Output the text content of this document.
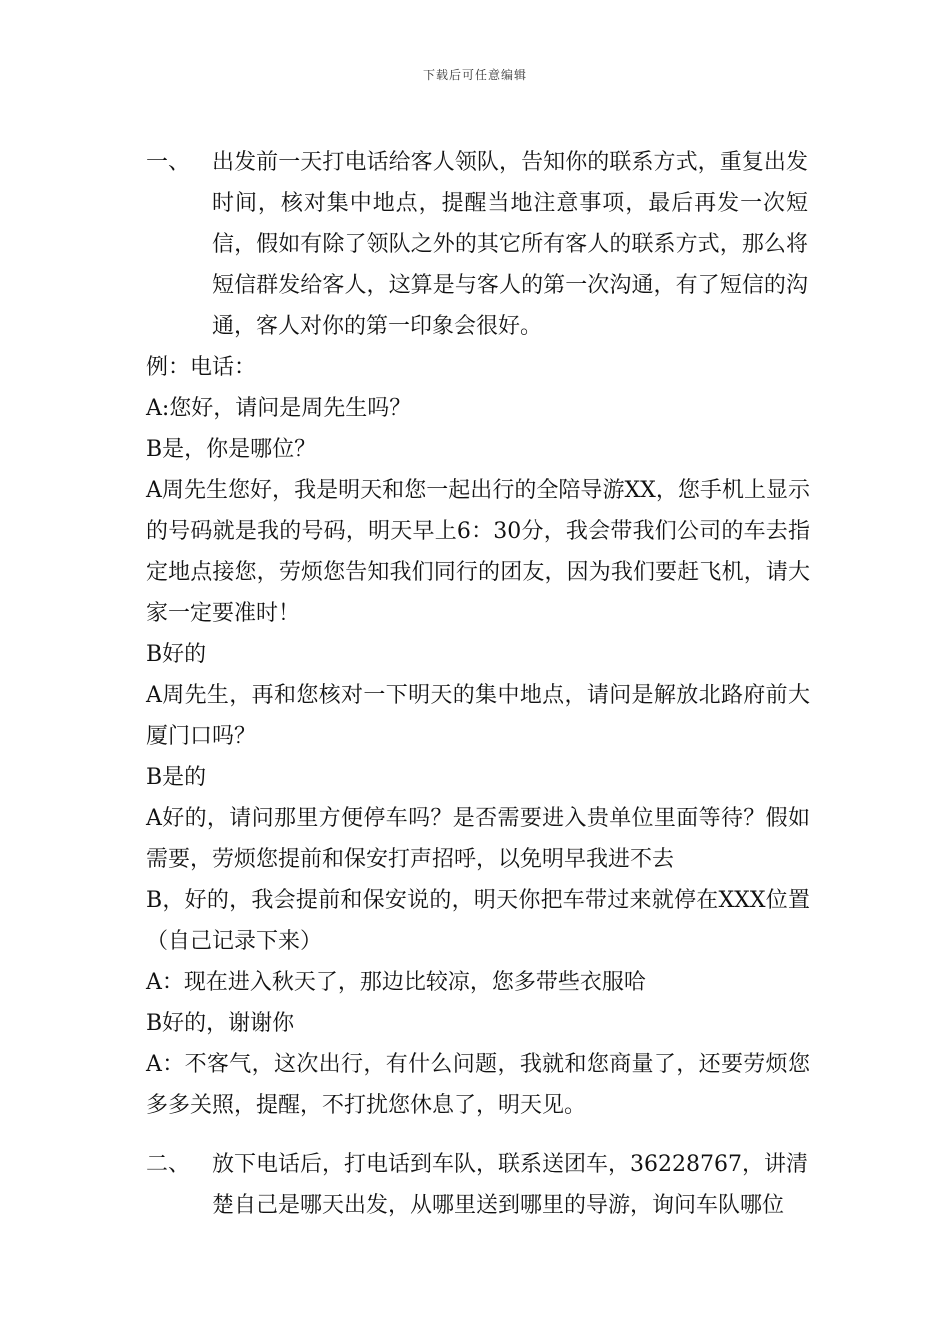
下载后可任意编辑
一、 出发前一天打电话给客人领队，告知你的联系方式，重复出发时间，核对集中地点，提醒当地注意事项，最后再发一次短信，假如有除了领队之外的其它所有客人的联系方式，那么将短信群发给客人，这算是与客人的第一次沟通，有了短信的沟通，客人对你的第一印象会很好。
例：电话：
A:您好，请问是周先生吗？
B是，你是哪位？
A周先生您好，我是明天和您一起出行的全陪导游XX，您手机上显示的号码就是我的号码，明天早上6：30分，我会带我们公司的车去指定地点接您，劳烦您告知我们同行的团友，因为我们要赶飞机，请大家一定要准时！
B好的
A周先生，再和您核对一下明天的集中地点，请问是解放北路府前大厦门口吗？
B是的
A好的，请问那里方便停车吗？是否需要进入贵单位里面等待？假如需要，劳烦您提前和保安打声招呼，以免明早我进不去
B，好的，我会提前和保安说的，明天你把车带过来就停在XXX位置（自己记录下来）
A：现在进入秋天了，那边比较凉，您多带些衣服哈
B好的，谢谢你
A：不客气，这次出行，有什么问题，我就和您商量了，还要劳烦您多多关照，提醒，不打扰您休息了，明天见。
二、 放下电话后，打电话到车队，联系送团车，36228767，讲清楚自己是哪天出发，从哪里送到哪里的导游，询问车队哪位
